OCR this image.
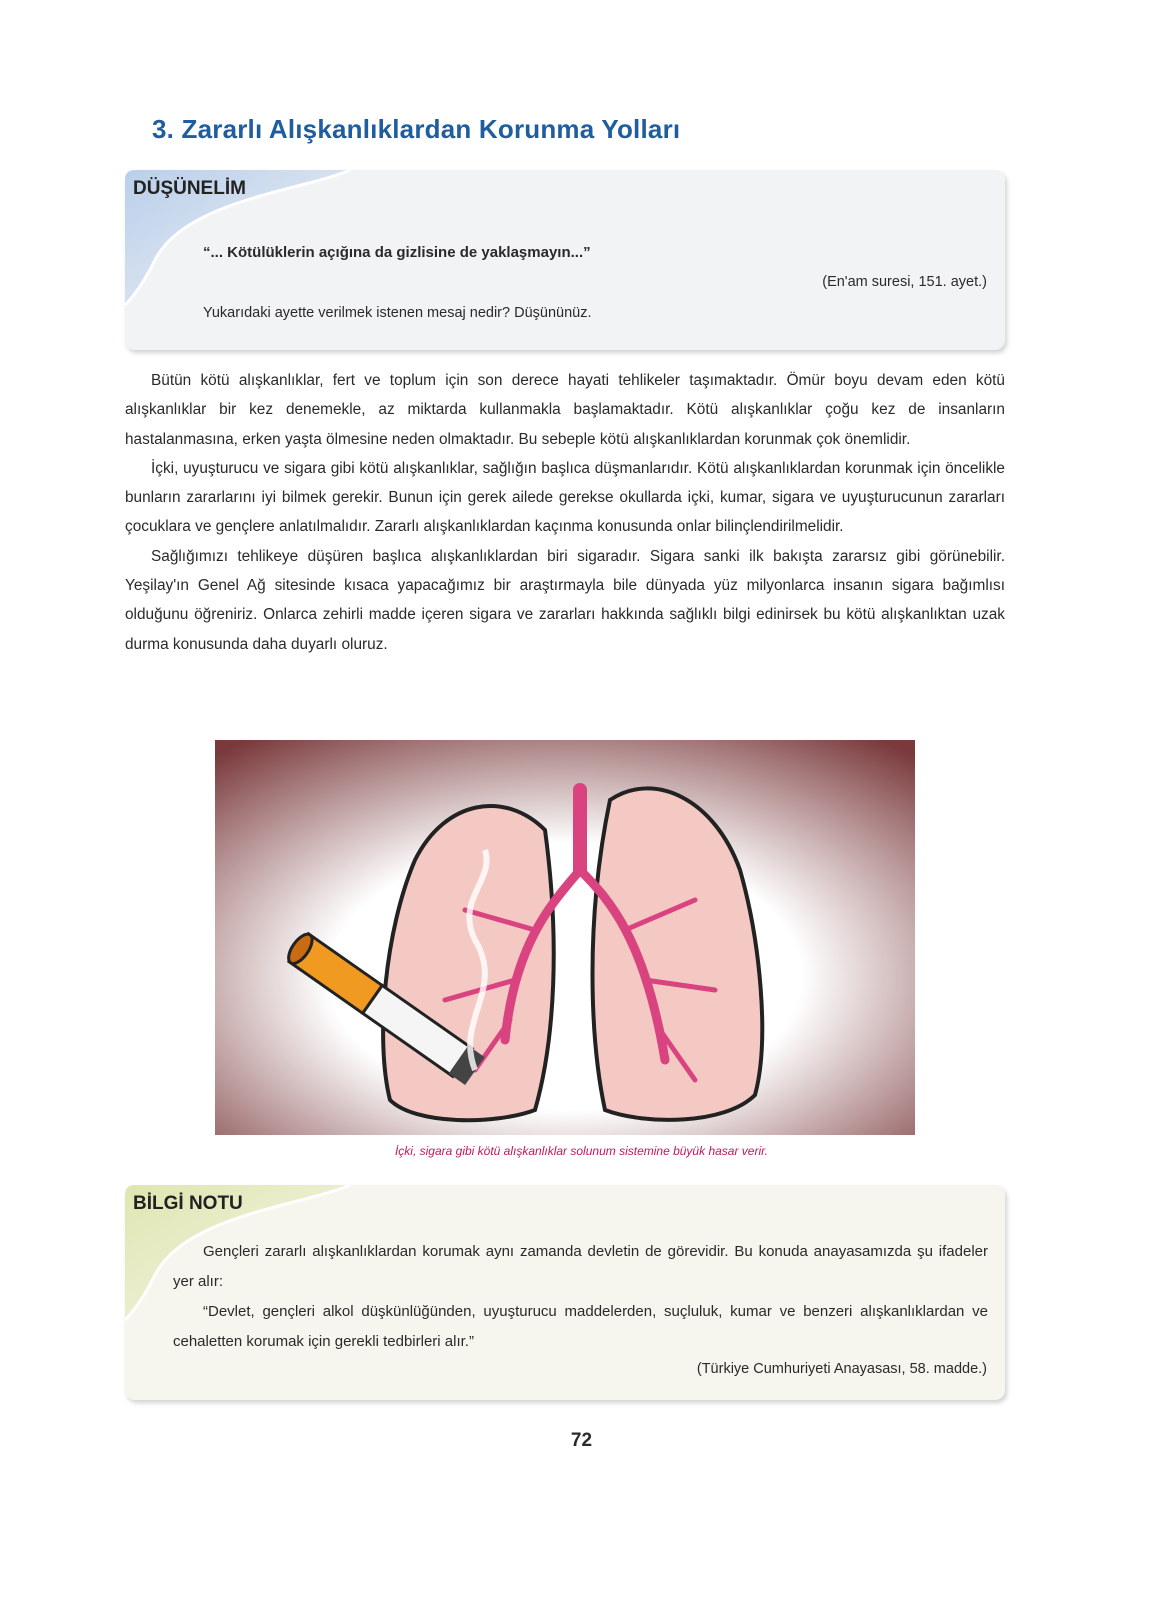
3. Zararlı Alışkanlıklardan Korunma Yolları
DÜŞÜNELİM
“... Kötülüklerin açığına da gizlisine de yaklaşmayın...”
(En'am suresi, 151. ayet.)
Yukarıdaki ayette verilmek istenen mesaj nedir? Düşününüz.

Bütün kötü alışkanlıklar, fert ve toplum için son derece hayati tehlikeler taşımaktadır. Ömür boyu devam eden kötü alışkanlıklar bir kez denemekle, az miktarda kullanmakla başlamaktadır. Kötü alışkanlıklar çoğu kez de insanların hastalanmasına, erken yaşta ölmesine neden olmaktadır. Bu sebeple kötü alışkanlıklardan korunmak çok önemlidir.

İçki, uyuşturucu ve sigara gibi kötü alışkanlıklar, sağlığın başlıca düşmanlarıdır. Kötü alışkanlıklardan korunmak için öncelikle bunların zararlarını iyi bilmek gerekir. Bunun için gerek ailede gerekse okullarda içki, kumar, sigara ve uyuşturucunun zararları çocuklara ve gençlere anlatılmalıdır. Zararlı alışkanlıklardan kaçınma konusunda onlar bilinçlendirilmelidir.

Sağlığımızı tehlikeye düşüren başlıca alışkanlıklardan biri sigaradır. Sigara sanki ilk bakışta zararsız gibi görünebilir. Yeşilay'ın Genel Ağ sitesinde kısaca yapacağımız bir araştırmayla bile dünyada yüz milyonlarca insanın sigara bağımlısı olduğunu öğreniriz. Onlarca zehirli madde içeren sigara ve zararları hakkında sağlıklı bilgi edinirsek bu kötü alışkanlıktan uzak durma konusunda daha duyarlı oluruz.

İçki, sigara gibi kötü alışkanlıklar solunum sistemine büyük hasar verir.
BİLGİ NOTU

Gençleri zararlı alışkanlıklardan korumak aynı zamanda devletin de görevidir. Bu konuda anayasamızda şu ifadeler yer alır:

“Devlet, gençleri alkol düşkünlüğünden, uyuşturucu maddelerden, suçluluk, kumar ve benzeri alışkanlıklardan ve cehaletten korumak için gerekli tedbirleri alır.”

(Türkiye Cumhuriyeti Anayasası, 58. madde.)
72
